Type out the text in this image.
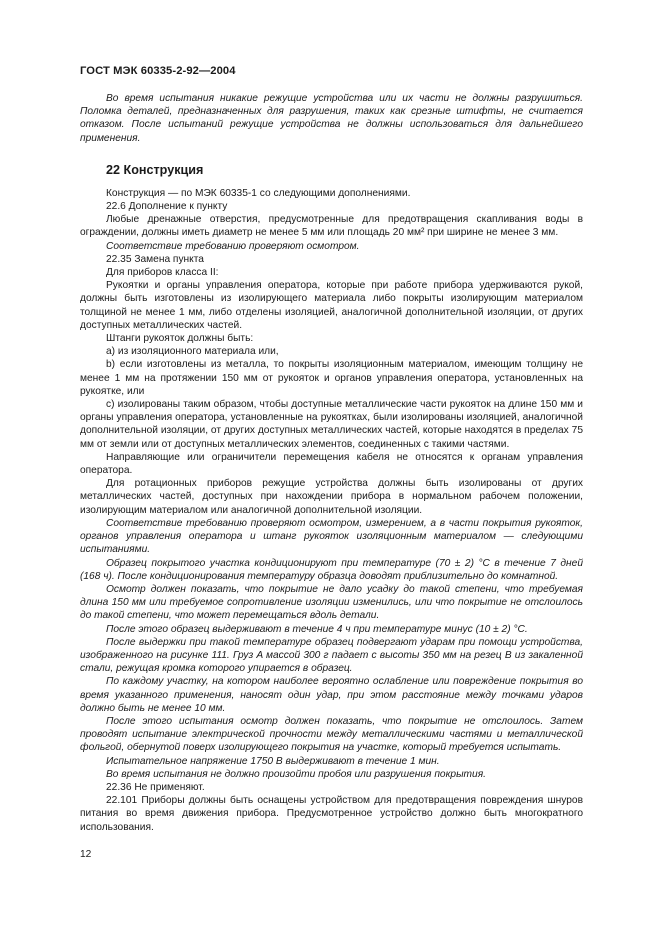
ГОСТ МЭК 60335-2-92—2004

Во время испытания никакие режущие устройства или их части не должны разрушиться. Поломка деталей, предназначенных для разрушения, таких как срезные штифты, не считается отказом. После испытаний режущие устройства не должны использоваться для дальнейшего применения.

22 Конструкция

Конструкция — по МЭК 60335-1 со следующими дополнениями.

22.6 Дополнение к пункту

Любые дренажные отверстия, предусмотренные для предотвращения скапливания воды в ограждении, должны иметь диаметр не менее 5 мм или площадь 20 мм² при ширине не менее 3 мм.

Соответствие требованию проверяют осмотром.

22.35 Замена пункта

Для приборов класса II:

Рукоятки и органы управления оператора, которые при работе прибора удерживаются рукой, должны быть изготовлены из изолирующего материала либо покрыты изолирующим материалом толщиной не менее 1 мм, либо отделены изоляцией, аналогичной дополнительной изоляции, от других доступных металлических частей.

Штанги рукояток должны быть:

a) из изоляционного материала или,

b) если изготовлены из металла, то покрыты изоляционным материалом, имеющим толщину не менее 1 мм на протяжении 150 мм от рукояток и органов управления оператора, установленных на рукоятке, или

c) изолированы таким образом, чтобы доступные металлические части рукояток на длине 150 мм и органы управления оператора, установленные на рукоятках, были изолированы изоляцией, аналогичной дополнительной изоляции, от других доступных металлических частей, которые находятся в пределах 75 мм от земли или от доступных металлических элементов, соединенных с такими частями.

Направляющие или ограничители перемещения кабеля не относятся к органам управления оператора.

Для ротационных приборов режущие устройства должны быть изолированы от других металлических частей, доступных при нахождении прибора в нормальном рабочем положении, изолирующим материалом или аналогичной дополнительной изоляции.

Соответствие требованию проверяют осмотром, измерением, а в части покрытия рукояток, органов управления оператора и штанг рукояток изоляционным материалом — следующими испытаниями.

Образец покрытого участка кондиционируют при температуре (70 ± 2) °C в течение 7 дней (168 ч). После кондиционирования температуру образца доводят приблизительно до комнатной.

Осмотр должен показать, что покрытие не дало усадку до такой степени, что требуемая длина 150 мм или требуемое сопротивление изоляции изменились, или что покрытие не отслоилось до такой степени, что может перемещаться вдоль детали.

После этого образец выдерживают в течение 4 ч при температуре минус (10 ± 2) °C.

После выдержки при такой температуре образец подвергают ударам при помощи устройства, изображенного на рисунке 111. Груз A массой 300 г падает с высоты 350 мм на резец B из закаленной стали, режущая кромка которого упирается в образец.

По каждому участку, на котором наиболее вероятно ослабление или повреждение покрытия во время указанного применения, наносят один удар, при этом расстояние между точками ударов должно быть не менее 10 мм.

После этого испытания осмотр должен показать, что покрытие не отслоилось. Затем проводят испытание электрической прочности между металлическими частями и металлической фольгой, обернутой поверх изолирующего покрытия на участке, который требуется испытать.

Испытательное напряжение 1750 В выдерживают в течение 1 мин.

Во время испытания не должно произойти пробоя или разрушения покрытия.

22.36 Не применяют.

22.101 Приборы должны быть оснащены устройством для предотвращения повреждения шнуров питания во время движения прибора. Предусмотренное устройство должно быть многократного использования.

12
